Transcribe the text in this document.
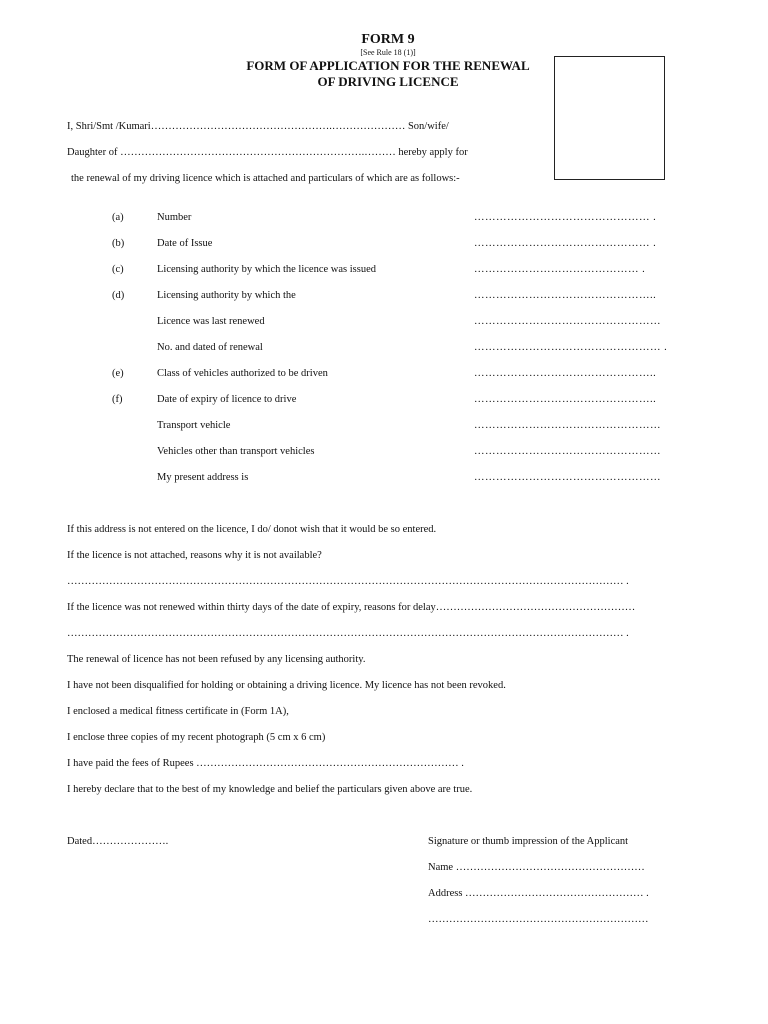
FORM 9
[See Rule 18 (1)]
FORM OF APPLICATION FOR THE RENEWAL
OF DRIVING LICENCE
I, Shri/Smt /Kumari…………………………………………….………………… Son/wife/
Daughter of …………………………………………………………….……… hereby apply for
the renewal of my driving licence which is attached and particulars of which are as follows:-
(a)	Number	………………………………………… .
(b)	Date of Issue	………………………………………… .
(c)	Licensing authority by which the licence was issued	……………………………………… .
(d)	Licensing authority by which the	…………………………………………..
Licence was last renewed	……………………………………………
No. and dated of renewal	…………………………………………… .
(e)	Class of vehicles authorized to be driven	…………………………………………..
(f)	Date of expiry of licence to drive	…………………………………………..
Transport vehicle	……………………………………………
Vehicles other than transport vehicles	……………………………………………
My present address is	……………………………………………
If this address is not entered on the licence, I do/ donot wish that it would be so entered.
If the licence is not attached, reasons why it is not available?
…………………………………………………………………………………………………………………………………………… .
If the licence was not renewed within thirty days of the date of expiry, reasons for delay…………………………………………………
…………………………………………………………………………………………………………………………………………… .
The renewal of licence has not been refused by any licensing authority.
I have not been disqualified for holding or obtaining a driving licence. My licence has not been revoked.
I enclosed a medical fitness certificate in (Form 1A),
I enclose three copies of my recent photograph (5 cm x 6 cm)
I have paid the fees of Rupees ………………………………………………………………… .
I hereby declare that to the best of my knowledge and belief the particulars given above are true.
Dated………………….	Signature or thumb impression of the Applicant
Name ………………………………………………
Address …………………………………………… .
………………………………………………………
